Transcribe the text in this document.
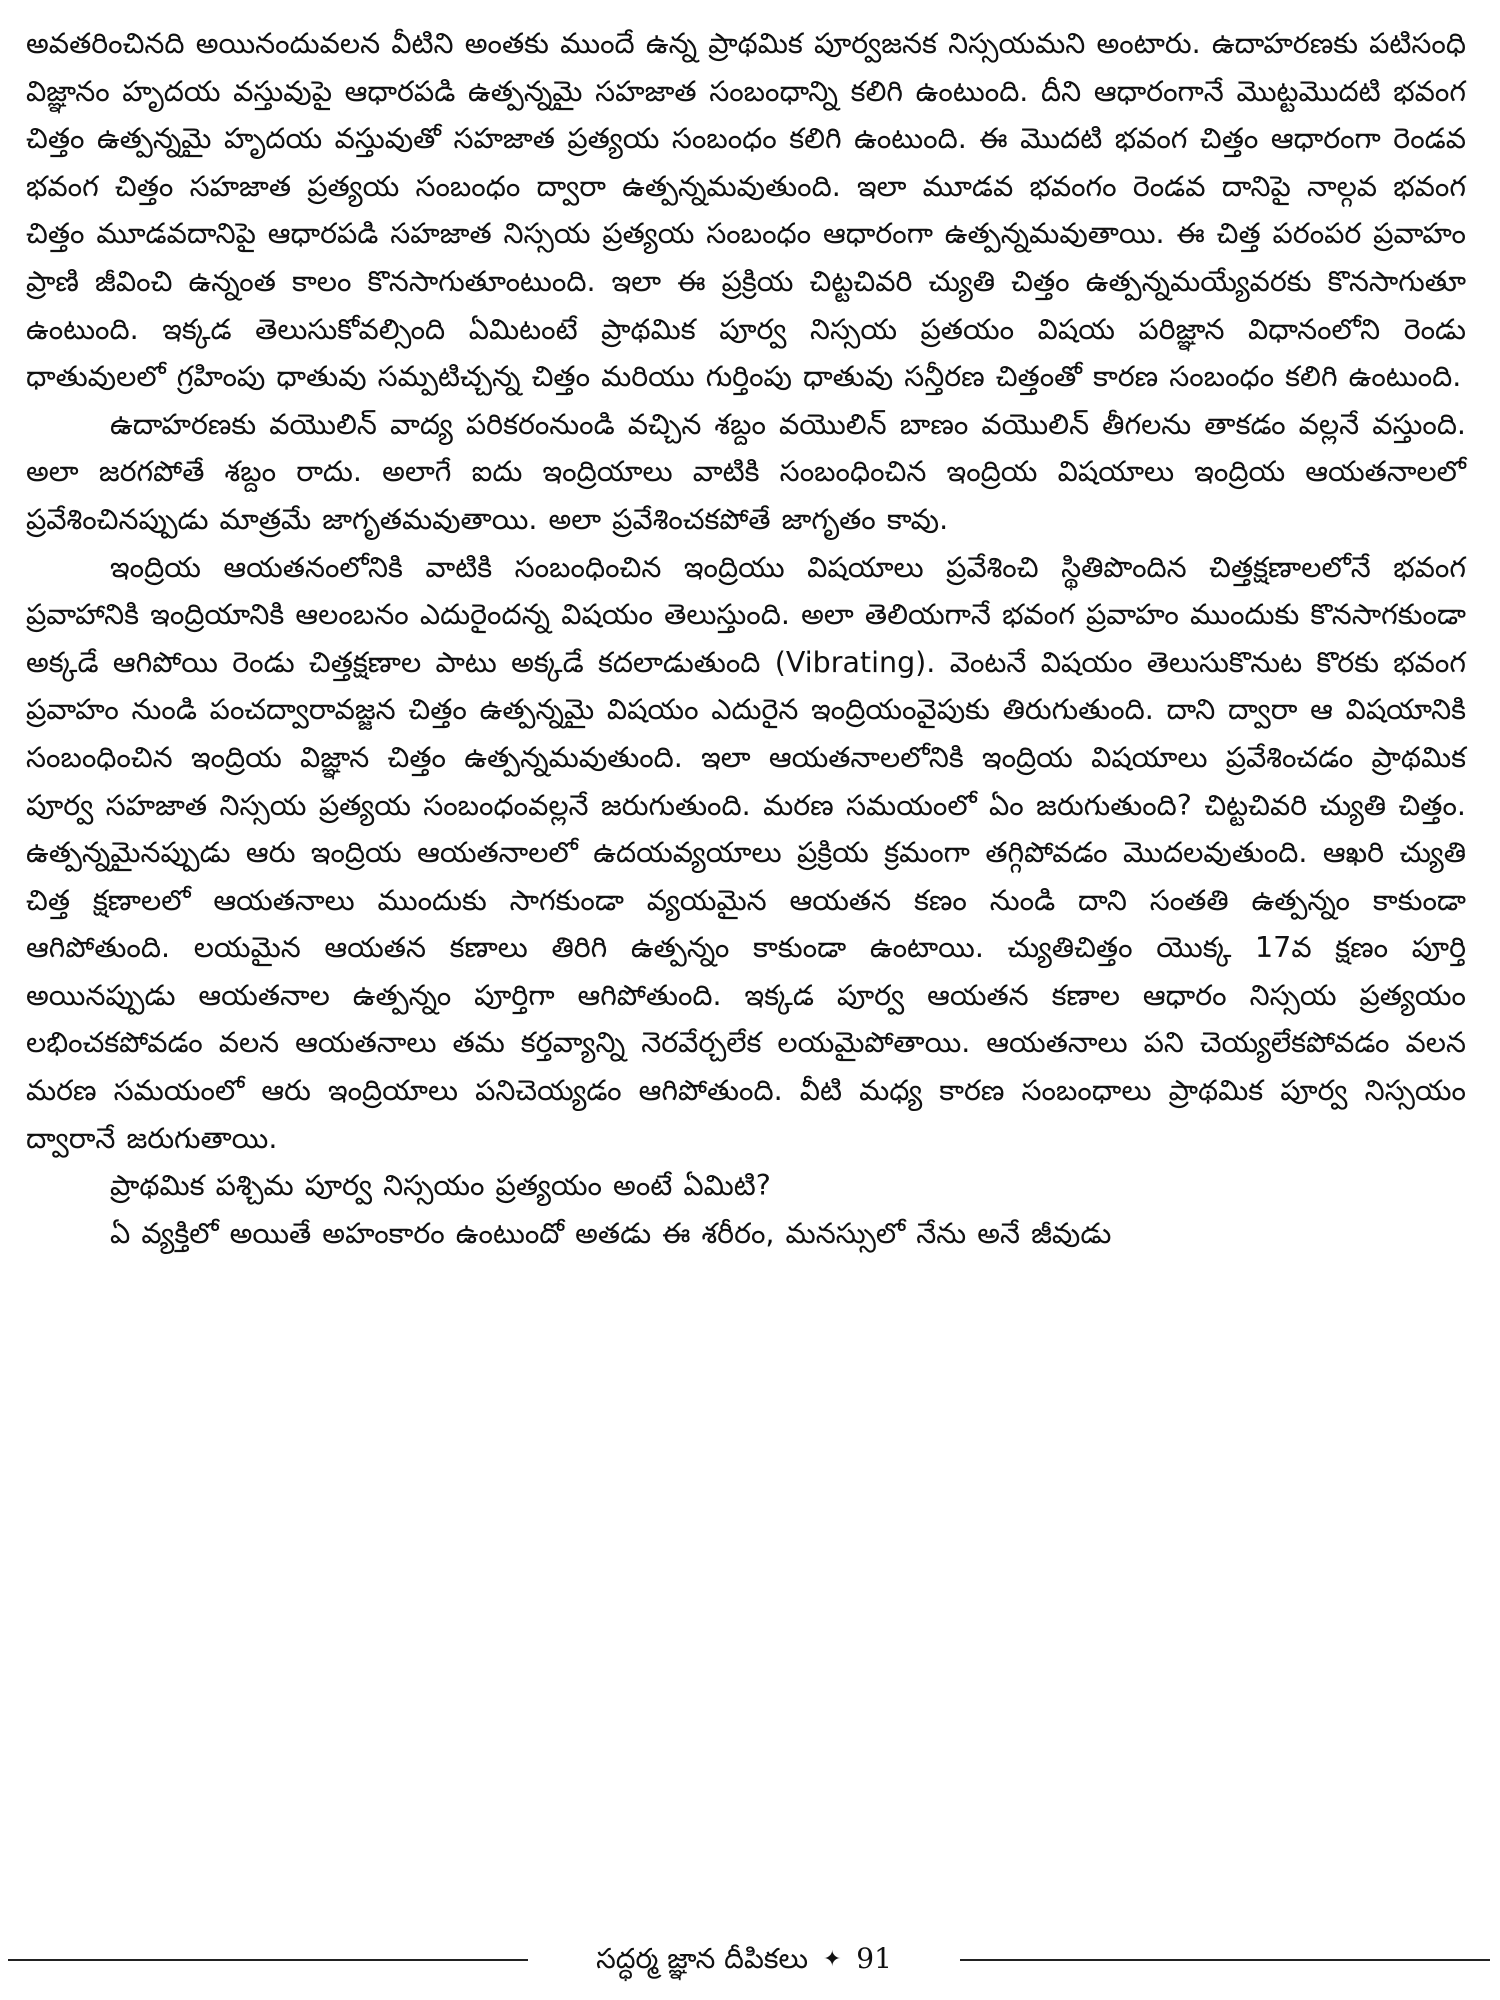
అవతరించినది అయినందువలన వీటిని అంతకు ముందే ఉన్న ప్రాథమిక పూర్వజనక నిస్సయమని అంటారు. ఉదాహరణకు పటిసంధి విజ్ఞానం హృదయ వస్తువుపై ఆధారపడి ఉత్పన్నమై సహజాత సంబంధాన్ని కలిగి ఉంటుంది. దీని ఆధారంగానే మొట్టమొదటి భవంగ చిత్తం ఉత్పన్నమై హృదయ వస్తువుతో సహజాత ప్రత్యయ సంబంధం కలిగి ఉంటుంది. ఈ మొదటి భవంగ చిత్తం ఆధారంగా రెండవ భవంగ చిత్తం సహజాత ప్రత్యయ సంబంధం ద్వారా ఉత్పన్నమవుతుంది. ఇలా మూడవ భవంగం రెండవ దానిపై నాల్గవ భవంగ చిత్తం మూడవదానిపై ఆధారపడి సహజాత నిస్సయ ప్రత్యయ సంబంధం ఆధారంగా ఉత్పన్నమవుతాయి. ఈ చిత్త పరంపర ప్రవాహం ప్రాణి జీవించి ఉన్నంత కాలం కొనసాగుతూంటుంది. ఇలా ఈ ప్రక్రియ చిట్టచివరి చ్యుతి చిత్తం ఉత్పన్నమయ్యేవరకు కొనసాగుతూ ఉంటుంది. ఇక్కడ తెలుసుకోవల్సింది ఏమిటంటే ప్రాథమిక పూర్వ నిస్సయ ప్రతయం విషయ పరిజ్ఞాన విధానంలోని రెండు ధాతువులలో గ్రహింపు ధాతువు సమ్పటిచ్చన్న చిత్తం మరియు గుర్తింపు ధాతువు సన్తీరణ చిత్తంతో కారణ సంబంధం కలిగి ఉంటుంది.

ఉదాహరణకు వయొలిన్ వాద్య పరికరంనుండి వచ్చిన శబ్దం వయొలిన్ బాణం వయొలిన్ తీగలను తాకడం వల్లనే వస్తుంది. అలా జరగపోతే శబ్దం రాదు. అలాగే ఐదు ఇంద్రియాలు వాటికి సంబంధించిన ఇంద్రియ విషయాలు ఇంద్రియ ఆయతనాలలో ప్రవేశించినప్పుడు మాత్రమే జాగృతమవుతాయి. అలా ప్రవేశించకపోతే జాగృతం కావు.

ఇంద్రియ ఆయతనంలోనికి వాటికి సంబంధించిన ఇంద్రియు విషయాలు ప్రవేశించి స్థితిపొందిన చిత్తక్షణాలలోనే భవంగ ప్రవాహానికి ఇంద్రియానికి ఆలంబనం ఎదురైందన్న విషయం తెలుస్తుంది. అలా తెలియగానే భవంగ ప్రవాహం ముందుకు కొనసాగకుండా అక్కడే ఆగిపోయి రెండు చిత్తక్షణాల పాటు అక్కడే కదలాడుతుంది (Vibrating). వెంటనే విషయం తెలుసుకొనుట కొరకు భవంగ ప్రవాహం నుండి పంచద్వారావజ్జన చిత్తం ఉత్పన్నమై విషయం ఎదురైన ఇంద్రియంవైపుకు తిరుగుతుంది. దాని ద్వారా ఆ విషయానికి సంబంధించిన ఇంద్రియ విజ్ఞాన చిత్తం ఉత్పన్నమవుతుంది. ఇలా ఆయతనాలలోనికి ఇంద్రియ విషయాలు ప్రవేశించడం ప్రాథమిక పూర్వ సహజాత నిస్సయ ప్రత్యయ సంబంధంవల్లనే జరుగుతుంది. మరణ సమయంలో ఏం జరుగుతుంది? చిట్టచివరి చ్యుతి చిత్తం. ఉత్పన్నమైనప్పుడు ఆరు ఇంద్రియ ఆయతనాలలో ఉదయవ్యయాలు ప్రక్రియ క్రమంగా తగ్గిపోవడం మొదలవుతుంది. ఆఖరి చ్యుతి చిత్త క్షణాలలో ఆయతనాలు ముందుకు సాగకుండా వ్యయమైన ఆయతన కణం నుండి దాని సంతతి ఉత్పన్నం కాకుండా ఆగిపోతుంది. లయమైన ఆయతన కణాలు తిరిగి ఉత్పన్నం కాకుండా ఉంటాయి. చ్యుతిచిత్తం యొక్క 17వ క్షణం పూర్తి అయినప్పుడు ఆయతనాల ఉత్పన్నం పూర్తిగా ఆగిపోతుంది. ఇక్కడ పూర్వ ఆయతన కణాల ఆధారం నిస్సయ ప్రత్యయం లభించకపోవడం వలన ఆయతనాలు తమ కర్తవ్యాన్ని నెరవేర్చలేక లయమైపోతాయి. ఆయతనాలు పని చెయ్యలేకపోవడం వలన మరణ సమయంలో ఆరు ఇంద్రియాలు పనిచెయ్యడం ఆగిపోతుంది. వీటి మధ్య కారణ సంబంధాలు ప్రాథమిక పూర్వ నిస్సయం ద్వారానే జరుగుతాయి.

ప్రాథమిక పశ్చిమ పూర్వ నిస్సయం ప్రత్యయం అంటే ఏమిటి?

ఏ వ్యక్తిలో అయితే అహంకారం ఉంటుందో అతడు ఈ శరీరం, మనస్సులో నేను అనే జీవుడు

సద్ధర్మ జ్ఞాన దీపికలు ✦ 91
